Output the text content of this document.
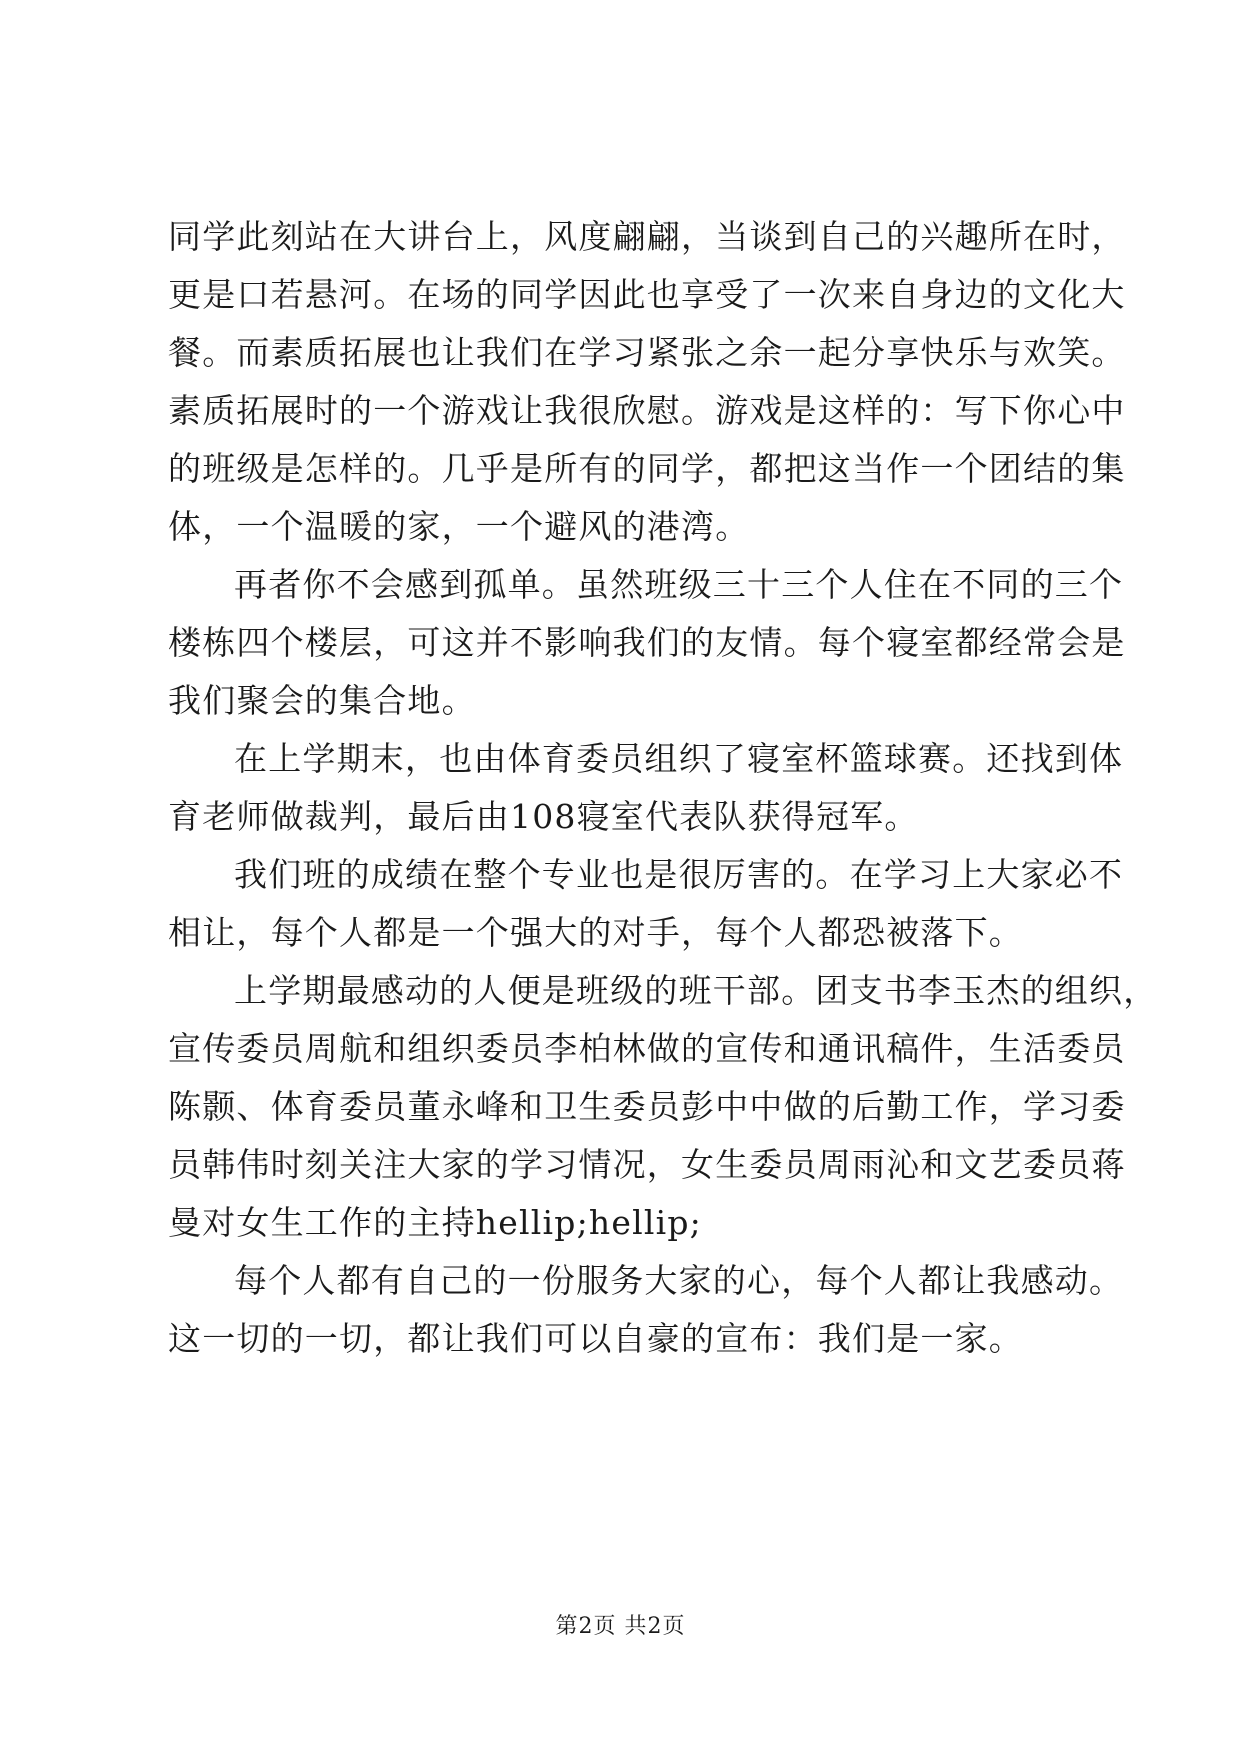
同学此刻站在大讲台上，风度翩翩，当谈到自己的兴趣所在时，
更是口若悬河。在场的同学因此也享受了一次来自身边的文化大
餐。而素质拓展也让我们在学习紧张之余一起分享快乐与欢笑。
素质拓展时的一个游戏让我很欣慰。游戏是这样的：写下你心中
的班级是怎样的。几乎是所有的同学，都把这当作一个团结的集
体，一个温暖的家，一个避风的港湾。
再者你不会感到孤单。虽然班级三十三个人住在不同的三个
楼栋四个楼层，可这并不影响我们的友情。每个寝室都经常会是
我们聚会的集合地。
在上学期末，也由体育委员组织了寝室杯篮球赛。还找到体
育老师做裁判，最后由108寝室代表队获得冠军。
我们班的成绩在整个专业也是很厉害的。在学习上大家必不
相让，每个人都是一个强大的对手，每个人都恐被落下。
上学期最感动的人便是班级的班干部。团支书李玉杰的组织，
宣传委员周航和组织委员李柏林做的宣传和通讯稿件，生活委员
陈颢、体育委员董永峰和卫生委员彭中中做的后勤工作，学习委
员韩伟时刻关注大家的学习情况，女生委员周雨沁和文艺委员蒋
曼对女生工作的主持hellip;hellip;
每个人都有自己的一份服务大家的心，每个人都让我感动。
这一切的一切，都让我们可以自豪的宣布：我们是一家。
第2页 共2页
